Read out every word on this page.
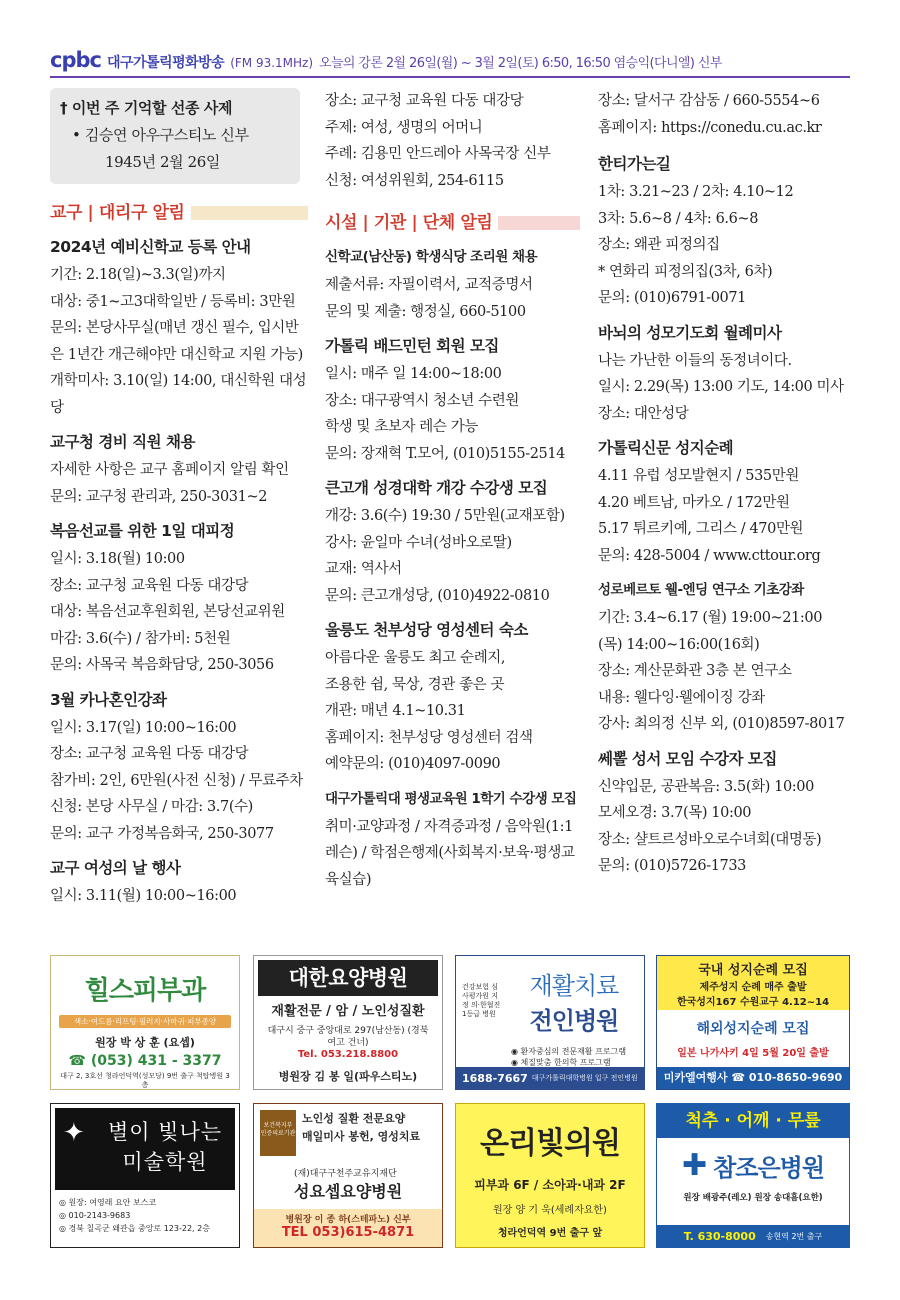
cpbc 대구가톨릭평화방송 (FM 93.1MHz) 오늘의 강론 2월 26일(월) ~ 3월 2일(토) 6:50, 16:50 염승익(다니엘) 신부
† 이번 주 기억할 선종 사제
• 김승연 아우구스티노 신부
1945년 2월 26일
교구 | 대리구 알림
2024년 예비신학교 등록 안내
기간: 2.18(일)~3.3(일)까지
대상: 중1~고3대학일반 / 등록비: 3만원
문의: 본당사무실(매년 갱신 필수, 입시반은 1년간 개근해야만 대신학교 지원 가능)
개학미사: 3.10(일) 14:00, 대신학원 대성당
교구청 경비 직원 채용
자세한 사항은 교구 홈페이지 알림 확인
문의: 교구청 관리과, 250-3031~2
복음선교를 위한 1일 대피정
일시: 3.18(월) 10:00
장소: 교구청 교육원 다동 대강당
대상: 복음선교후원회원, 본당선교위원
마감: 3.6(수) / 참가비: 5천원
문의: 사목국 복음화담당, 250-3056
3월 카나혼인강좌
일시: 3.17(일) 10:00~16:00
장소: 교구청 교육원 다동 대강당
참가비: 2인, 6만원(사전 신청) / 무료주차
신청: 본당 사무실 / 마감: 3.7(수)
문의: 교구 가정복음화국, 250-3077
교구 여성의 날 행사
일시: 3.11(월) 10:00~16:00
장소: 교구청 교육원 다동 대강당
주제: 여성, 생명의 어머니
주례: 김용민 안드레아 사목국장 신부
신청: 여성위원회, 254-6115
시설 | 기관 | 단체 알림
신학교(남산동) 학생식당 조리원 채용
제출서류: 자필이력서, 교적증명서
문의 및 제출: 행정실, 660-5100
가톨릭 배드민턴 회원 모집
일시: 매주 일 14:00~18:00
장소: 대구광역시 청소년 수련원
학생 및 초보자 레슨 가능
문의: 장재혁 T.모어, (010)5155-2514
큰고개 성경대학 개강 수강생 모집
개강: 3.6(수) 19:30 / 5만원(교재포함)
강사: 윤일마 수녀(성바오로딸)
교재: 역사서
문의: 큰고개성당, (010)4922-0810
울릉도 천부성당 영성센터 숙소
아름다운 울릉도 최고 순례지,
조용한 쉼, 묵상, 경관 좋은 곳
개관: 매년 4.1~10.31
홈페이지: 천부성당 영성센터 검색
예약문의: (010)4097-0090
대구가톨릭대 평생교육원 1학기 수강생 모집
취미·교양과정 / 자격증과정 / 음악원(1:1레슨) / 학점은행제(사회복지·보육·평생교육실습)
장소: 달서구 감삼동 / 660-5554~6
홈페이지: https://conedu.cu.ac.kr
한티가는길
1차: 3.21~23 / 2차: 4.10~12
3차: 5.6~8 / 4차: 6.6~8
장소: 왜관 피정의집
* 연화리 피정의집(3차, 6차)
문의: (010)6791-0071
바뇌의 성모기도회 월례미사
나는 가난한 이들의 동정녀이다.
일시: 2.29(목) 13:00 기도, 14:00 미사
장소: 대안성당
가톨릭신문 성지순례
4.11 유럽 성모발현지 / 535만원
4.20 베트남, 마카오 / 172만원
5.17 튀르키예, 그리스 / 470만원
문의: 428-5004 / www.cttour.org
성로베르토 웰-엔딩 연구소 기초강좌
기간: 3.4~6.17 (월) 19:00~21:00
(목) 14:00~16:00(16회)
장소: 계산문화관 3층 본 연구소
내용: 웰다잉·웰에이징 강좌
강사: 최의정 신부 외, (010)8597-8017
쎄뽈 성서 모임 수강자 모집
신약입문, 공관복음: 3.5(화) 10:00
모세오경: 3.7(목) 10:00
장소: 샬트르성바오로수녀회(대명동)
문의: (010)5726-1733
힐스피부과
색소·여드름·리프팅·필러지·사마귀·피부종양
원장 박 상 훈 (요셉)
☎ (053) 431 - 3377
대구 2, 3호선 청라언덕역(성모당) 9번 출구 척탑병원 3층
대한요양병원
재활전문 / 암 / 노인성질환
대구시 중구 중앙대로 297(남산동) (경북여고 건너)
Tel. 053.218.8800
병원장 김 봉 일(파우스티노)
건강보험 심사평가원 지정 의·한협진 1등급 병원
재활치료
전인병원
◉ 환자중심의 전문재활 프로그램
◉ 체질맞춤 한의학 프로그램
1688-7667 대구가톨릭대학병원 입구 전인병원
국내 성지순례 모집
제주성지 순례 매주 출발
한국성지167 수원교구 4.12~14
해외성지순례 모집
일본 나가사키 4일 5월 20일 출발
미카엘여행사 ☎ 010-8650-9690
✦	별이 빛나는
미술학원
◎ 원장: 여영래 요안 보스코
◎ 010-2143-9683
◎ 경북 칠곡군 왜관읍 중앙로 123-22, 2층
보건복지부 인증의료기관
노인성 질환 전문요양
매일미사 봉헌, 영성치료
(재)대구구천주교유지재단
성요셉요양병원
병원장 이 종 하(스테파노) 신부
TEL 053)615-4871
온리빛의원
피부과 6F / 소아과·내과 2F
원장 양 기 욱(세례자요한)
청라언덕역 9번 출구 앞
척추 · 어깨 · 무릎
✚ 참조은병원
원장 배광주(레오) 원장 송대흠(요한)
T. 630-8000 송현역 2번 출구
